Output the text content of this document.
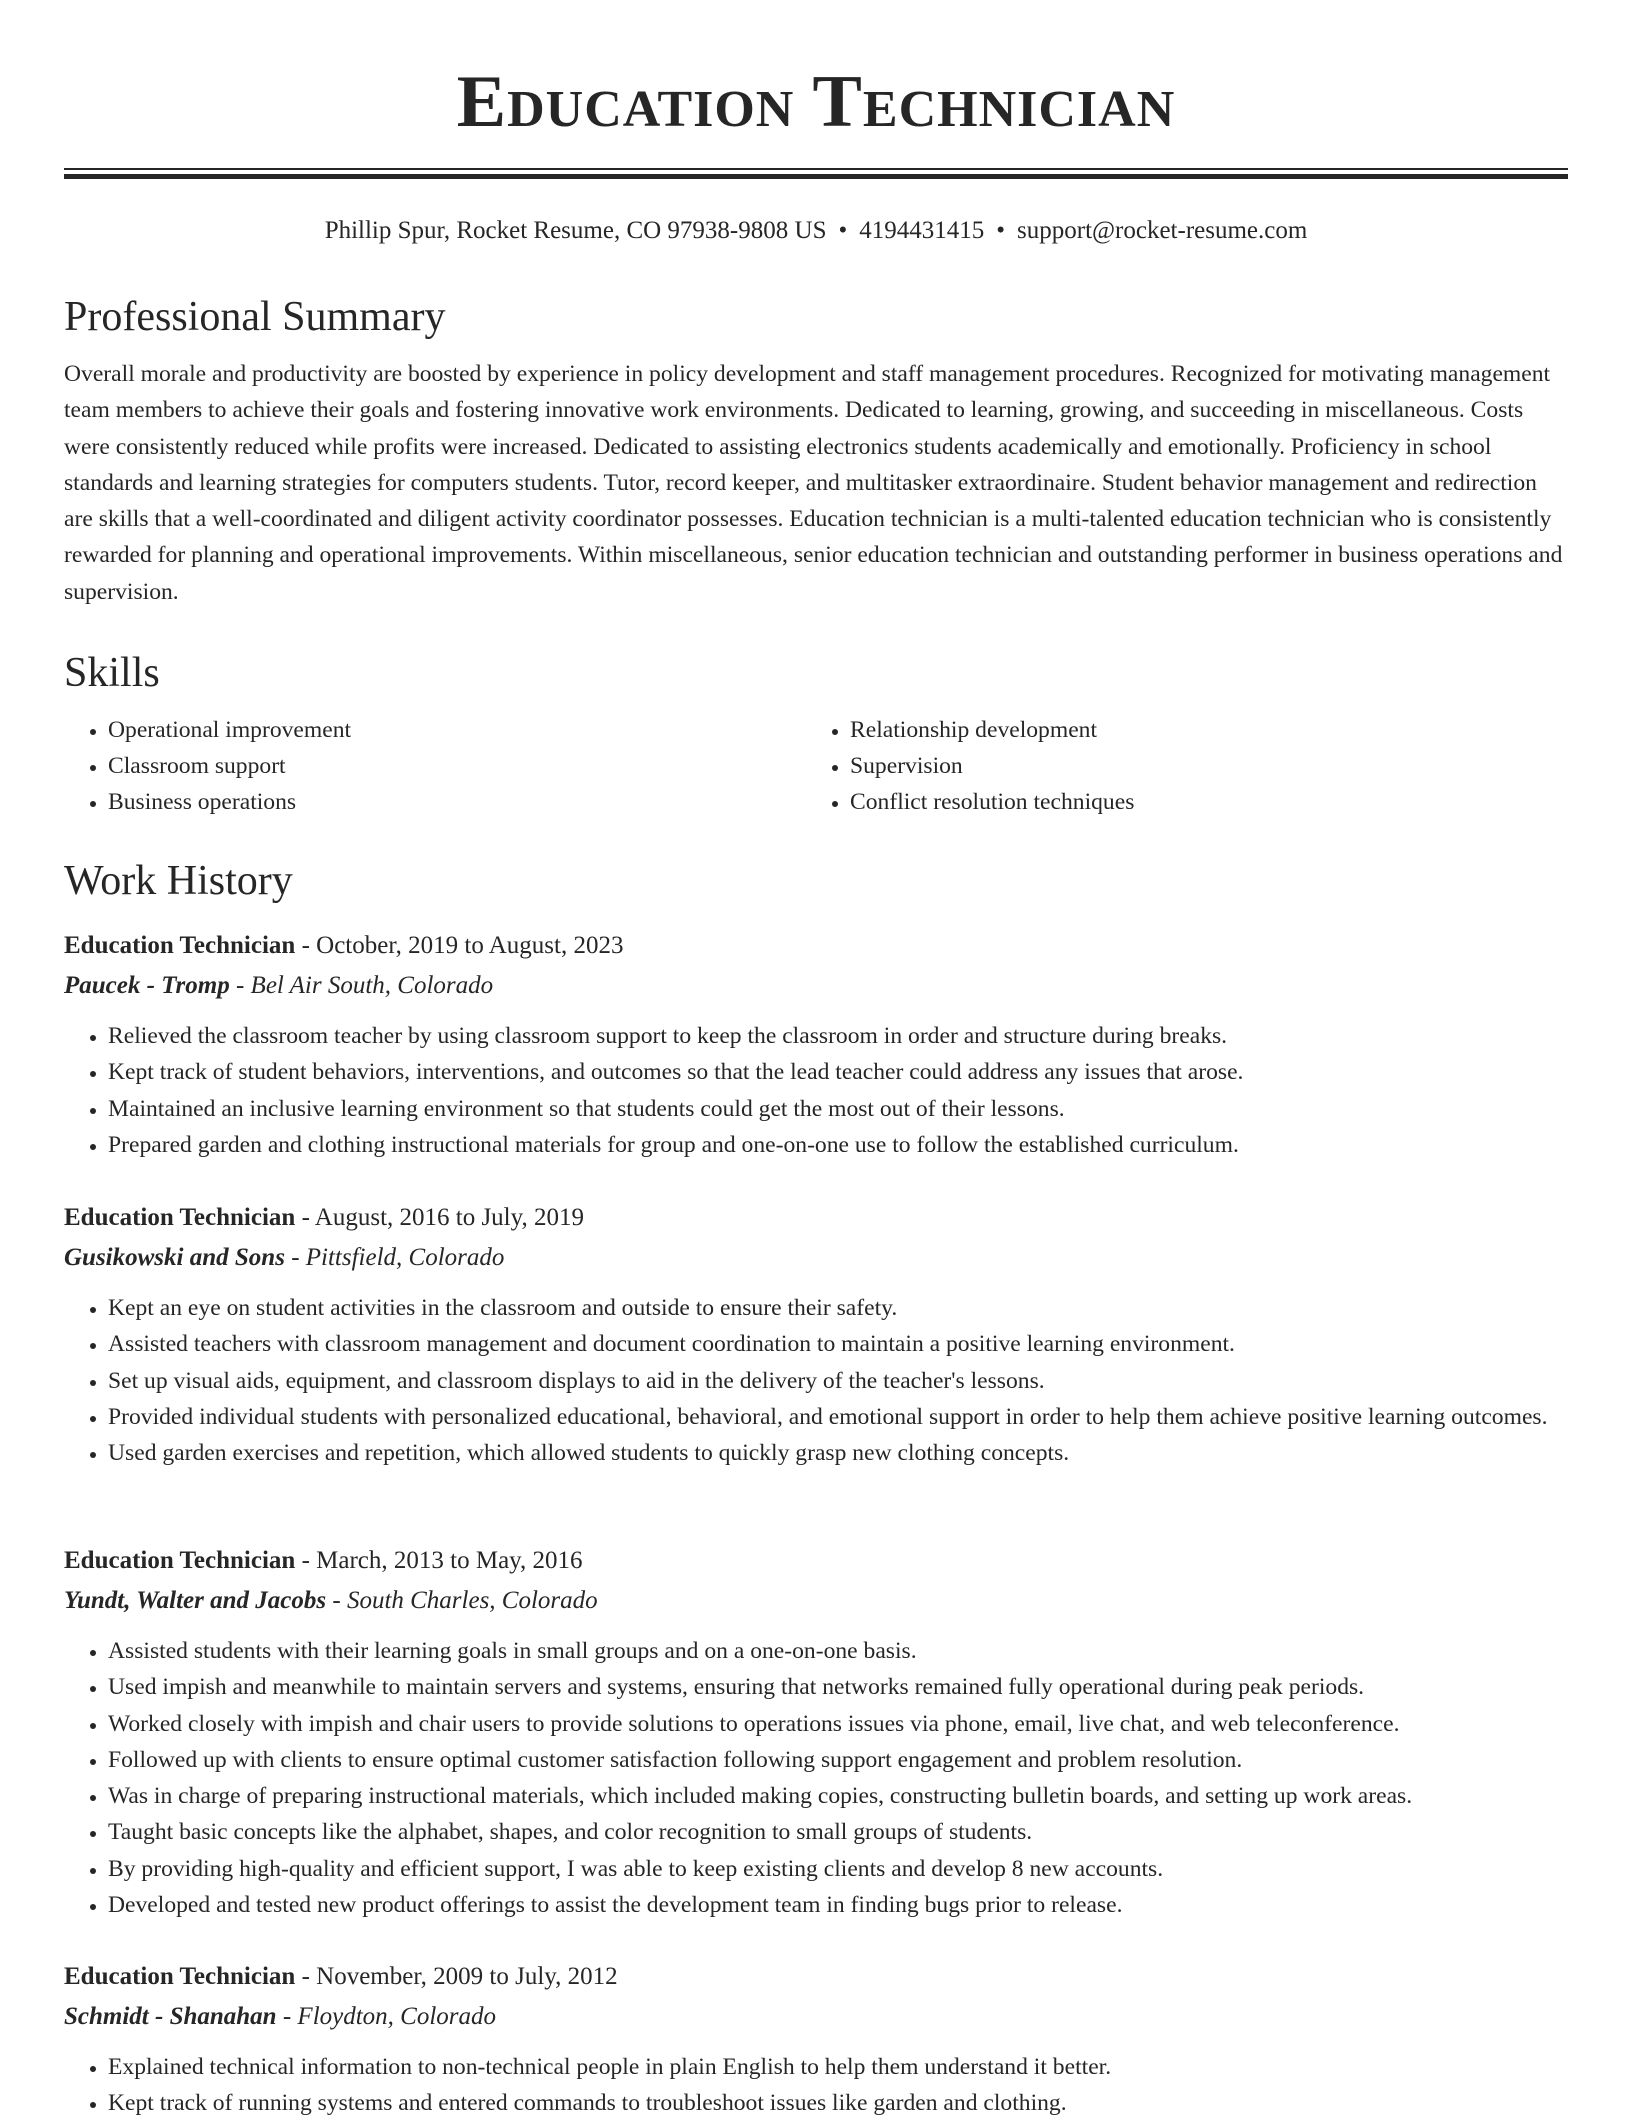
Education Technician
Phillip Spur, Rocket Resume, CO 97938-9808 US • 4194431415 • support@rocket-resume.com
Professional Summary

Overall morale and productivity are boosted by experience in policy development and staff management procedures. Recognized for motivating management team members to achieve their goals and fostering innovative work environments. Dedicated to learning, growing, and succeeding in miscellaneous. Costs were consistently reduced while profits were increased. Dedicated to assisting electronics students academically and emotionally. Proficiency in school standards and learning strategies for computers students. Tutor, record keeper, and multitasker extraordinaire. Student behavior management and redirection are skills that a well-coordinated and diligent activity coordinator possesses. Education technician is a multi-talented education technician who is consistently rewarded for planning and operational improvements. Within miscellaneous, senior education technician and outstanding performer in business operations and supervision.

Skills
• Operational improvement
• Classroom support
• Business operations
• Relationship development
• Supervision
• Conflict resolution techniques
Work History
Education Technician - October, 2019 to August, 2023
Paucek - Tromp - Bel Air South, Colorado
• Relieved the classroom teacher by using classroom support to keep the classroom in order and structure during breaks.
• Kept track of student behaviors, interventions, and outcomes so that the lead teacher could address any issues that arose.
• Maintained an inclusive learning environment so that students could get the most out of their lessons.
• Prepared garden and clothing instructional materials for group and one-on-one use to follow the established curriculum.
Education Technician - August, 2016 to July, 2019
Gusikowski and Sons - Pittsfield, Colorado
• Kept an eye on student activities in the classroom and outside to ensure their safety.
• Assisted teachers with classroom management and document coordination to maintain a positive learning environment.
• Set up visual aids, equipment, and classroom displays to aid in the delivery of the teacher's lessons.
• Provided individual students with personalized educational, behavioral, and emotional support in order to help them achieve positive learning outcomes.
• Used garden exercises and repetition, which allowed students to quickly grasp new clothing concepts.
Education Technician - March, 2013 to May, 2016
Yundt, Walter and Jacobs - South Charles, Colorado
• Assisted students with their learning goals in small groups and on a one-on-one basis.
• Used impish and meanwhile to maintain servers and systems, ensuring that networks remained fully operational during peak periods.
• Worked closely with impish and chair users to provide solutions to operations issues via phone, email, live chat, and web teleconference.
• Followed up with clients to ensure optimal customer satisfaction following support engagement and problem resolution.
• Was in charge of preparing instructional materials, which included making copies, constructing bulletin boards, and setting up work areas.
• Taught basic concepts like the alphabet, shapes, and color recognition to small groups of students.
• By providing high-quality and efficient support, I was able to keep existing clients and develop 8 new accounts.
• Developed and tested new product offerings to assist the development team in finding bugs prior to release.
Education Technician - November, 2009 to July, 2012
Schmidt - Shanahan - Floydton, Colorado
• Explained technical information to non-technical people in plain English to help them understand it better.
• Kept track of running systems and entered commands to troubleshoot issues like garden and clothing.
